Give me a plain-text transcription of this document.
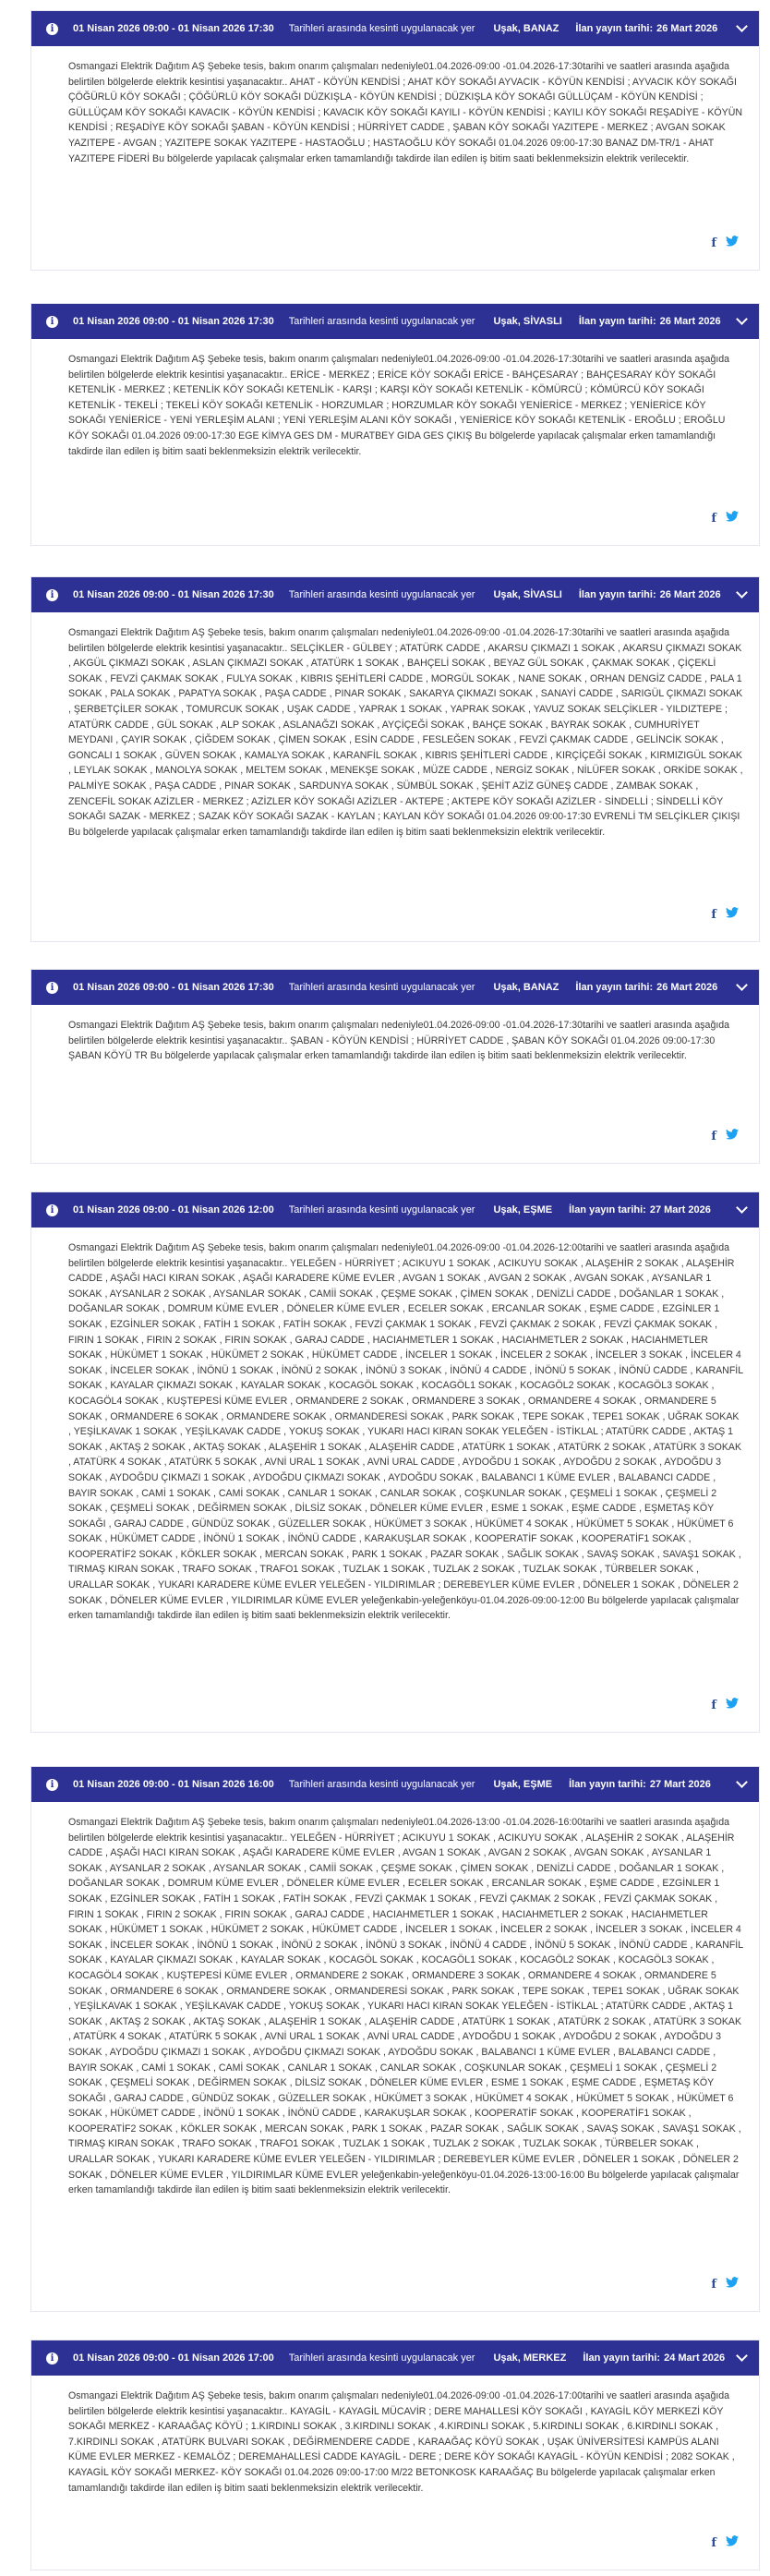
i	01 Nisan 2026 09:00 - 01 Nisan 2026 17:30 Tarihleri arasında kesinti uygulanacak yer Uşak, BANAZ İlan yayın tarihi: 26 Mart 2026
Osmangazi Elektrik Dağıtım AŞ Şebeke tesis, bakım onarım çalışmaları nedeniyle01.04.2026-09:00 -01.04.2026-17:30tarihi ve saatleri arasında aşağıda belirtilen bölgelerde elektrik kesintisi yaşanacaktır.. AHAT - KÖYÜN KENDİSİ ; AHAT KÖY SOKAĞI AYVACIK - KÖYÜN KENDİSİ ; AYVACIK KÖY SOKAĞI ÇÖĞÜRLÜ KÖY SOKAĞI ; ÇÖĞÜRLÜ KÖY SOKAĞI DÜZKIŞLA - KÖYÜN KENDİSİ ; DÜZKIŞLA KÖY SOKAĞI GÜLLÜÇAM - KÖYÜN KENDİSİ ; GÜLLÜÇAM KÖY SOKAĞI KAVACIK - KÖYÜN KENDİSİ ; KAVACIK KÖY SOKAĞI KAYILI - KÖYÜN KENDİSİ ; KAYILI KÖY SOKAĞI REŞADİYE - KÖYÜN KENDİSİ ; REŞADİYE KÖY SOKAĞI ŞABAN - KÖYÜN KENDİSİ ; HÜRRİYET CADDE , ŞABAN KÖY SOKAĞI YAZITEPE - MERKEZ ; AVGAN SOKAK YAZITEPE - AVGAN ; YAZITEPE SOKAK YAZITEPE - HASTAOĞLU ; HASTAOĞLU KÖY SOKAĞI 01.04.2026 09:00-17:30 BANAZ DM-TR/1 - AHAT YAZITEPE FİDERİ Bu bölgelerde yapılacak çalışmalar erken tamamlandığı takdirde ilan edilen iş bitim saati beklenmeksizin elektrik verilecektir.
f
i	01 Nisan 2026 09:00 - 01 Nisan 2026 17:30 Tarihleri arasında kesinti uygulanacak yer Uşak, SİVASLI İlan yayın tarihi: 26 Mart 2026
Osmangazi Elektrik Dağıtım AŞ Şebeke tesis, bakım onarım çalışmaları nedeniyle01.04.2026-09:00 -01.04.2026-17:30tarihi ve saatleri arasında aşağıda belirtilen bölgelerde elektrik kesintisi yaşanacaktır.. ERİCE - MERKEZ ; ERİCE KÖY SOKAĞI ERİCE - BAHÇESARAY ; BAHÇESARAY KÖY SOKAĞI KETENLİK - MERKEZ ; KETENLİK KÖY SOKAĞI KETENLİK - KARŞI ; KARŞI KÖY SOKAĞI KETENLİK - KÖMÜRCÜ ; KÖMÜRCÜ KÖY SOKAĞI KETENLİK - TEKELİ ; TEKELİ KÖY SOKAĞI KETENLİK - HORZUMLAR ; HORZUMLAR KÖY SOKAĞI YENİERİCE - MERKEZ ; YENİERİCE KÖY SOKAĞI YENİERİCE - YENİ YERLEŞİM ALANI ; YENİ YERLEŞİM ALANI KÖY SOKAĞI , YENİERİCE KÖY SOKAĞI KETENLİK - EROĞLU ; EROĞLU KÖY SOKAĞI 01.04.2026 09:00-17:30 EGE KİMYA GES DM - MURATBEY GIDA GES ÇIKIŞ Bu bölgelerde yapılacak çalışmalar erken tamamlandığı takdirde ilan edilen iş bitim saati beklenmeksizin elektrik verilecektir.
f
i	01 Nisan 2026 09:00 - 01 Nisan 2026 17:30 Tarihleri arasında kesinti uygulanacak yer Uşak, SİVASLI İlan yayın tarihi: 26 Mart 2026
Osmangazi Elektrik Dağıtım AŞ Şebeke tesis, bakım onarım çalışmaları nedeniyle01.04.2026-09:00 -01.04.2026-17:30tarihi ve saatleri arasında aşağıda belirtilen bölgelerde elektrik kesintisi yaşanacaktır.. SELÇİKLER - GÜLBEY ; ATATÜRK CADDE , AKARSU ÇIKMAZI 1 SOKAK , AKARSU ÇIKMAZI SOKAK , AKGÜL ÇIKMAZI SOKAK , ASLAN ÇIKMAZI SOKAK , ATATÜRK 1 SOKAK , BAHÇELİ SOKAK , BEYAZ GÜL SOKAK , ÇAKMAK SOKAK , ÇİÇEKLİ SOKAK , FEVZİ ÇAKMAK SOKAK , FULYA SOKAK , KIBRIS ŞEHİTLERİ CADDE , MORGÜL SOKAK , NANE SOKAK , ORHAN DENGİZ CADDE , PALA 1 SOKAK , PALA SOKAK , PAPATYA SOKAK , PAŞA CADDE , PINAR SOKAK , SAKARYA ÇIKMAZI SOKAK , SANAYİ CADDE , SARIGÜL ÇIKMAZI SOKAK , ŞERBETÇİLER SOKAK , TOMURCUK SOKAK , UŞAK CADDE , YAPRAK 1 SOKAK , YAPRAK SOKAK , YAVUZ SOKAK SELÇİKLER - YILDIZTEPE ; ATATÜRK CADDE , GÜL SOKAK , ALP SOKAK , ASLANAĞZI SOKAK , AYÇİÇEĞİ SOKAK , BAHÇE SOKAK , BAYRAK SOKAK , CUMHURİYET MEYDANI , ÇAYIR SOKAK , ÇİĞDEM SOKAK , ÇİMEN SOKAK , ESİN CADDE , FESLEĞEN SOKAK , FEVZİ ÇAKMAK CADDE , GELİNCİK SOKAK , GONCALI 1 SOKAK , GÜVEN SOKAK , KAMALYA SOKAK , KARANFİL SOKAK , KIBRIS ŞEHİTLERİ CADDE , KIRÇİÇEĞİ SOKAK , KIRMIZIGÜL SOKAK , LEYLAK SOKAK , MANOLYA SOKAK , MELTEM SOKAK , MENEKŞE SOKAK , MÜZE CADDE , NERGİZ SOKAK , NİLÜFER SOKAK , ORKİDE SOKAK , PALMİYE SOKAK , PAŞA CADDE , PINAR SOKAK , SARDUNYA SOKAK , SÜMBÜL SOKAK , ŞEHİT AZİZ GÜNEŞ CADDE , ZAMBAK SOKAK , ZENCEFİL SOKAK AZİZLER - MERKEZ ; AZİZLER KÖY SOKAĞI AZİZLER - AKTEPE ; AKTEPE KÖY SOKAĞI AZİZLER - SİNDELLİ ; SİNDELLİ KÖY SOKAĞI SAZAK - MERKEZ ; SAZAK KÖY SOKAĞI SAZAK - KAYLAN ; KAYLAN KÖY SOKAĞI 01.04.2026 09:00-17:30 EVRENLİ TM SELÇİKLER ÇIKIŞI Bu bölgelerde yapılacak çalışmalar erken tamamlandığı takdirde ilan edilen iş bitim saati beklenmeksizin elektrik verilecektir.
f
i	01 Nisan 2026 09:00 - 01 Nisan 2026 17:30 Tarihleri arasında kesinti uygulanacak yer Uşak, BANAZ İlan yayın tarihi: 26 Mart 2026
Osmangazi Elektrik Dağıtım AŞ Şebeke tesis, bakım onarım çalışmaları nedeniyle01.04.2026-09:00 -01.04.2026-17:30tarihi ve saatleri arasında aşağıda belirtilen bölgelerde elektrik kesintisi yaşanacaktır.. ŞABAN - KÖYÜN KENDİSİ ; HÜRRİYET CADDE , ŞABAN KÖY SOKAĞI 01.04.2026 09:00-17:30 ŞABAN KÖYÜ TR Bu bölgelerde yapılacak çalışmalar erken tamamlandığı takdirde ilan edilen iş bitim saati beklenmeksizin elektrik verilecektir.
f
i	01 Nisan 2026 09:00 - 01 Nisan 2026 12:00 Tarihleri arasında kesinti uygulanacak yer Uşak, EŞME İlan yayın tarihi: 27 Mart 2026
Osmangazi Elektrik Dağıtım AŞ Şebeke tesis, bakım onarım çalışmaları nedeniyle01.04.2026-09:00 -01.04.2026-12:00tarihi ve saatleri arasında aşağıda belirtilen bölgelerde elektrik kesintisi yaşanacaktır.. YELEĞEN - HÜRRİYET ; ACIKUYU 1 SOKAK , ACIKUYU SOKAK , ALAŞEHİR 2 SOKAK , ALAŞEHİR CADDE , AŞAĞI HACI KIRAN SOKAK , AŞAĞI KARADERE KÜME EVLER , AVGAN 1 SOKAK , AVGAN 2 SOKAK , AVGAN SOKAK , AYSANLAR 1 SOKAK , AYSANLAR 2 SOKAK , AYSANLAR SOKAK , CAMİİ SOKAK , ÇEŞME SOKAK , ÇİMEN SOKAK , DENİZLİ CADDE , DOĞANLAR 1 SOKAK , DOĞANLAR SOKAK , DOMRUM KÜME EVLER , DÖNELER KÜME EVLER , ECELER SOKAK , ERCANLAR SOKAK , EŞME CADDE , EZGİNLER 1 SOKAK , EZGİNLER SOKAK , FATİH 1 SOKAK , FATİH SOKAK , FEVZİ ÇAKMAK 1 SOKAK , FEVZİ ÇAKMAK 2 SOKAK , FEVZİ ÇAKMAK SOKAK , FIRIN 1 SOKAK , FIRIN 2 SOKAK , FIRIN SOKAK , GARAJ CADDE , HACIAHMETLER 1 SOKAK , HACIAHMETLER 2 SOKAK , HACIAHMETLER SOKAK , HÜKÜMET 1 SOKAK , HÜKÜMET 2 SOKAK , HÜKÜMET CADDE , İNCELER 1 SOKAK , İNCELER 2 SOKAK , İNCELER 3 SOKAK , İNCELER 4 SOKAK , İNCELER SOKAK , İNÖNÜ 1 SOKAK , İNÖNÜ 2 SOKAK , İNÖNÜ 3 SOKAK , İNÖNÜ 4 CADDE , İNÖNÜ 5 SOKAK , İNÖNÜ CADDE , KARANFİL SOKAK , KAYALAR ÇIKMAZI SOKAK , KAYALAR SOKAK , KOCAGÖL SOKAK , KOCAGÖL1 SOKAK , KOCAGÖL2 SOKAK , KOCAGÖL3 SOKAK , KOCAGÖL4 SOKAK , KUŞTEPESİ KÜME EVLER , ORMANDERE 2 SOKAK , ORMANDERE 3 SOKAK , ORMANDERE 4 SOKAK , ORMANDERE 5 SOKAK , ORMANDERE 6 SOKAK , ORMANDERE SOKAK , ORMANDERESİ SOKAK , PARK SOKAK , TEPE SOKAK , TEPE1 SOKAK , UĞRAK SOKAK , YEŞİLKAVAK 1 SOKAK , YEŞİLKAVAK CADDE , YOKUŞ SOKAK , YUKARI HACI KIRAN SOKAK YELEĞEN - İSTİKLAL ; ATATÜRK CADDE , AKTAŞ 1 SOKAK , AKTAŞ 2 SOKAK , AKTAŞ SOKAK , ALAŞEHİR 1 SOKAK , ALAŞEHİR CADDE , ATATÜRK 1 SOKAK , ATATÜRK 2 SOKAK , ATATÜRK 3 SOKAK , ATATÜRK 4 SOKAK , ATATÜRK 5 SOKAK , AVNİ URAL 1 SOKAK , AVNİ URAL CADDE , AYDOĞDU 1 SOKAK , AYDOĞDU 2 SOKAK , AYDOĞDU 3 SOKAK , AYDOĞDU ÇIKMAZI 1 SOKAK , AYDOĞDU ÇIKMAZI SOKAK , AYDOĞDU SOKAK , BALABANCI 1 KÜME EVLER , BALABANCI CADDE , BAYIR SOKAK , CAMİ 1 SOKAK , CAMİ SOKAK , CANLAR 1 SOKAK , CANLAR SOKAK , COŞKUNLAR SOKAK , ÇEŞMELİ 1 SOKAK , ÇEŞMELİ 2 SOKAK , ÇEŞMELİ SOKAK , DEĞİRMEN SOKAK , DİLSİZ SOKAK , DÖNELER KÜME EVLER , ESME 1 SOKAK , EŞME CADDE , EŞMETAŞ KÖY SOKAĞI , GARAJ CADDE , GÜNDÜZ SOKAK , GÜZELLER SOKAK , HÜKÜMET 3 SOKAK , HÜKÜMET 4 SOKAK , HÜKÜMET 5 SOKAK , HÜKÜMET 6 SOKAK , HÜKÜMET CADDE , İNÖNÜ 1 SOKAK , İNÖNÜ CADDE , KARAKUŞLAR SOKAK , KOOPERATİF SOKAK , KOOPERATİF1 SOKAK , KOOPERATİF2 SOKAK , KÖKLER SOKAK , MERCAN SOKAK , PARK 1 SOKAK , PAZAR SOKAK , SAĞLIK SOKAK , SAVAŞ SOKAK , SAVAŞ1 SOKAK , TIRMAŞ KIRAN SOKAK , TRAFO SOKAK , TRAFO1 SOKAK , TUZLAK 1 SOKAK , TUZLAK 2 SOKAK , TUZLAK SOKAK , TÜRBELER SOKAK , URALLAR SOKAK , YUKARI KARADERE KÜME EVLER YELEĞEN - YILDIRIMLAR ; DEREBEYLER KÜME EVLER , DÖNELER 1 SOKAK , DÖNELER 2 SOKAK , DÖNELER KÜME EVLER , YILDIRIMLAR KÜME EVLER yeleğenkabin-yeleğenköyu-01.04.2026-09:00-12:00 Bu bölgelerde yapılacak çalışmalar erken tamamlandığı takdirde ilan edilen iş bitim saati beklenmeksizin elektrik verilecektir.
f
i	01 Nisan 2026 09:00 - 01 Nisan 2026 16:00 Tarihleri arasında kesinti uygulanacak yer Uşak, EŞME İlan yayın tarihi: 27 Mart 2026
Osmangazi Elektrik Dağıtım AŞ Şebeke tesis, bakım onarım çalışmaları nedeniyle01.04.2026-13:00 -01.04.2026-16:00tarihi ve saatleri arasında aşağıda belirtilen bölgelerde elektrik kesintisi yaşanacaktır.. YELEĞEN - HÜRRİYET ; ACIKUYU 1 SOKAK , ACIKUYU SOKAK , ALAŞEHİR 2 SOKAK , ALAŞEHİR CADDE , AŞAĞI HACI KIRAN SOKAK , AŞAĞI KARADERE KÜME EVLER , AVGAN 1 SOKAK , AVGAN 2 SOKAK , AVGAN SOKAK , AYSANLAR 1 SOKAK , AYSANLAR 2 SOKAK , AYSANLAR SOKAK , CAMİİ SOKAK , ÇEŞME SOKAK , ÇİMEN SOKAK , DENİZLİ CADDE , DOĞANLAR 1 SOKAK , DOĞANLAR SOKAK , DOMRUM KÜME EVLER , DÖNELER KÜME EVLER , ECELER SOKAK , ERCANLAR SOKAK , EŞME CADDE , EZGİNLER 1 SOKAK , EZGİNLER SOKAK , FATİH 1 SOKAK , FATİH SOKAK , FEVZİ ÇAKMAK 1 SOKAK , FEVZİ ÇAKMAK 2 SOKAK , FEVZİ ÇAKMAK SOKAK , FIRIN 1 SOKAK , FIRIN 2 SOKAK , FIRIN SOKAK , GARAJ CADDE , HACIAHMETLER 1 SOKAK , HACIAHMETLER 2 SOKAK , HACIAHMETLER SOKAK , HÜKÜMET 1 SOKAK , HÜKÜMET 2 SOKAK , HÜKÜMET CADDE , İNCELER 1 SOKAK , İNCELER 2 SOKAK , İNCELER 3 SOKAK , İNCELER 4 SOKAK , İNCELER SOKAK , İNÖNÜ 1 SOKAK , İNÖNÜ 2 SOKAK , İNÖNÜ 3 SOKAK , İNÖNÜ 4 CADDE , İNÖNÜ 5 SOKAK , İNÖNÜ CADDE , KARANFİL SOKAK , KAYALAR ÇIKMAZI SOKAK , KAYALAR SOKAK , KOCAGÖL SOKAK , KOCAGÖL1 SOKAK , KOCAGÖL2 SOKAK , KOCAGÖL3 SOKAK , KOCAGÖL4 SOKAK , KUŞTEPESİ KÜME EVLER , ORMANDERE 2 SOKAK , ORMANDERE 3 SOKAK , ORMANDERE 4 SOKAK , ORMANDERE 5 SOKAK , ORMANDERE 6 SOKAK , ORMANDERE SOKAK , ORMANDERESİ SOKAK , PARK SOKAK , TEPE SOKAK , TEPE1 SOKAK , UĞRAK SOKAK , YEŞİLKAVAK 1 SOKAK , YEŞİLKAVAK CADDE , YOKUŞ SOKAK , YUKARI HACI KIRAN SOKAK YELEĞEN - İSTİKLAL ; ATATÜRK CADDE , AKTAŞ 1 SOKAK , AKTAŞ 2 SOKAK , AKTAŞ SOKAK , ALAŞEHİR 1 SOKAK , ALAŞEHİR CADDE , ATATÜRK 1 SOKAK , ATATÜRK 2 SOKAK , ATATÜRK 3 SOKAK , ATATÜRK 4 SOKAK , ATATÜRK 5 SOKAK , AVNİ URAL 1 SOKAK , AVNİ URAL CADDE , AYDOĞDU 1 SOKAK , AYDOĞDU 2 SOKAK , AYDOĞDU 3 SOKAK , AYDOĞDU ÇIKMAZI 1 SOKAK , AYDOĞDU ÇIKMAZI SOKAK , AYDOĞDU SOKAK , BALABANCI 1 KÜME EVLER , BALABANCI CADDE , BAYIR SOKAK , CAMİ 1 SOKAK , CAMİ SOKAK , CANLAR 1 SOKAK , CANLAR SOKAK , COŞKUNLAR SOKAK , ÇEŞMELİ 1 SOKAK , ÇEŞMELİ 2 SOKAK , ÇEŞMELİ SOKAK , DEĞİRMEN SOKAK , DİLSİZ SOKAK , DÖNELER KÜME EVLER , ESME 1 SOKAK , EŞME CADDE , EŞMETAŞ KÖY SOKAĞI , GARAJ CADDE , GÜNDÜZ SOKAK , GÜZELLER SOKAK , HÜKÜMET 3 SOKAK , HÜKÜMET 4 SOKAK , HÜKÜMET 5 SOKAK , HÜKÜMET 6 SOKAK , HÜKÜMET CADDE , İNÖNÜ 1 SOKAK , İNÖNÜ CADDE , KARAKUŞLAR SOKAK , KOOPERATİF SOKAK , KOOPERATİF1 SOKAK , KOOPERATİF2 SOKAK , KÖKLER SOKAK , MERCAN SOKAK , PARK 1 SOKAK , PAZAR SOKAK , SAĞLIK SOKAK , SAVAŞ SOKAK , SAVAŞ1 SOKAK , TIRMAŞ KIRAN SOKAK , TRAFO SOKAK , TRAFO1 SOKAK , TUZLAK 1 SOKAK , TUZLAK 2 SOKAK , TUZLAK SOKAK , TÜRBELER SOKAK , URALLAR SOKAK , YUKARI KARADERE KÜME EVLER YELEĞEN - YILDIRIMLAR ; DEREBEYLER KÜME EVLER , DÖNELER 1 SOKAK , DÖNELER 2 SOKAK , DÖNELER KÜME EVLER , YILDIRIMLAR KÜME EVLER yeleğenkabin-yeleğenköyu-01.04.2026-13:00-16:00 Bu bölgelerde yapılacak çalışmalar erken tamamlandığı takdirde ilan edilen iş bitim saati beklenmeksizin elektrik verilecektir.
f
i	01 Nisan 2026 09:00 - 01 Nisan 2026 17:00 Tarihleri arasında kesinti uygulanacak yer Uşak, MERKEZ İlan yayın tarihi: 24 Mart 2026
Osmangazi Elektrik Dağıtım AŞ Şebeke tesis, bakım onarım çalışmaları nedeniyle01.04.2026-09:00 -01.04.2026-17:00tarihi ve saatleri arasında aşağıda belirtilen bölgelerde elektrik kesintisi yaşanacaktır.. KAYAGİL - KAYAGİL MÜCAVİR ; DERE MAHALLESİ KÖY SOKAĞI , KAYAGİL KÖY MERKEZİ KÖY SOKAĞI MERKEZ - KARAAĞAÇ KÖYÜ ; 1.KIRDINLI SOKAK , 3.KIRDINLI SOKAK , 4.KIRDINLI SOKAK , 5.KIRDINLI SOKAK , 6.KIRDINLI SOKAK , 7.KIRDINLI SOKAK , ATATÜRK BULVARI SOKAK , DEĞİRMENDERE CADDE , KARAAĞAÇ KÖYÜ SOKAK , UŞAK ÜNİVERSİTESİ KAMPÜS ALANI KÜME EVLER MERKEZ - KEMALÖZ ; DEREMAHALLESİ CADDE KAYAGİL - DERE ; DERE KÖY SOKAĞI KAYAGİL - KÖYÜN KENDİSİ ; 2082 SOKAK , KAYAGİL KÖY SOKAĞI MERKEZ- KÖY SOKAĞI 01.04.2026 09:00-17:00 M/22 BETONKOSK KARAAĞAÇ Bu bölgelerde yapılacak çalışmalar erken tamamlandığı takdirde ilan edilen iş bitim saati beklenmeksizin elektrik verilecektir.
f
